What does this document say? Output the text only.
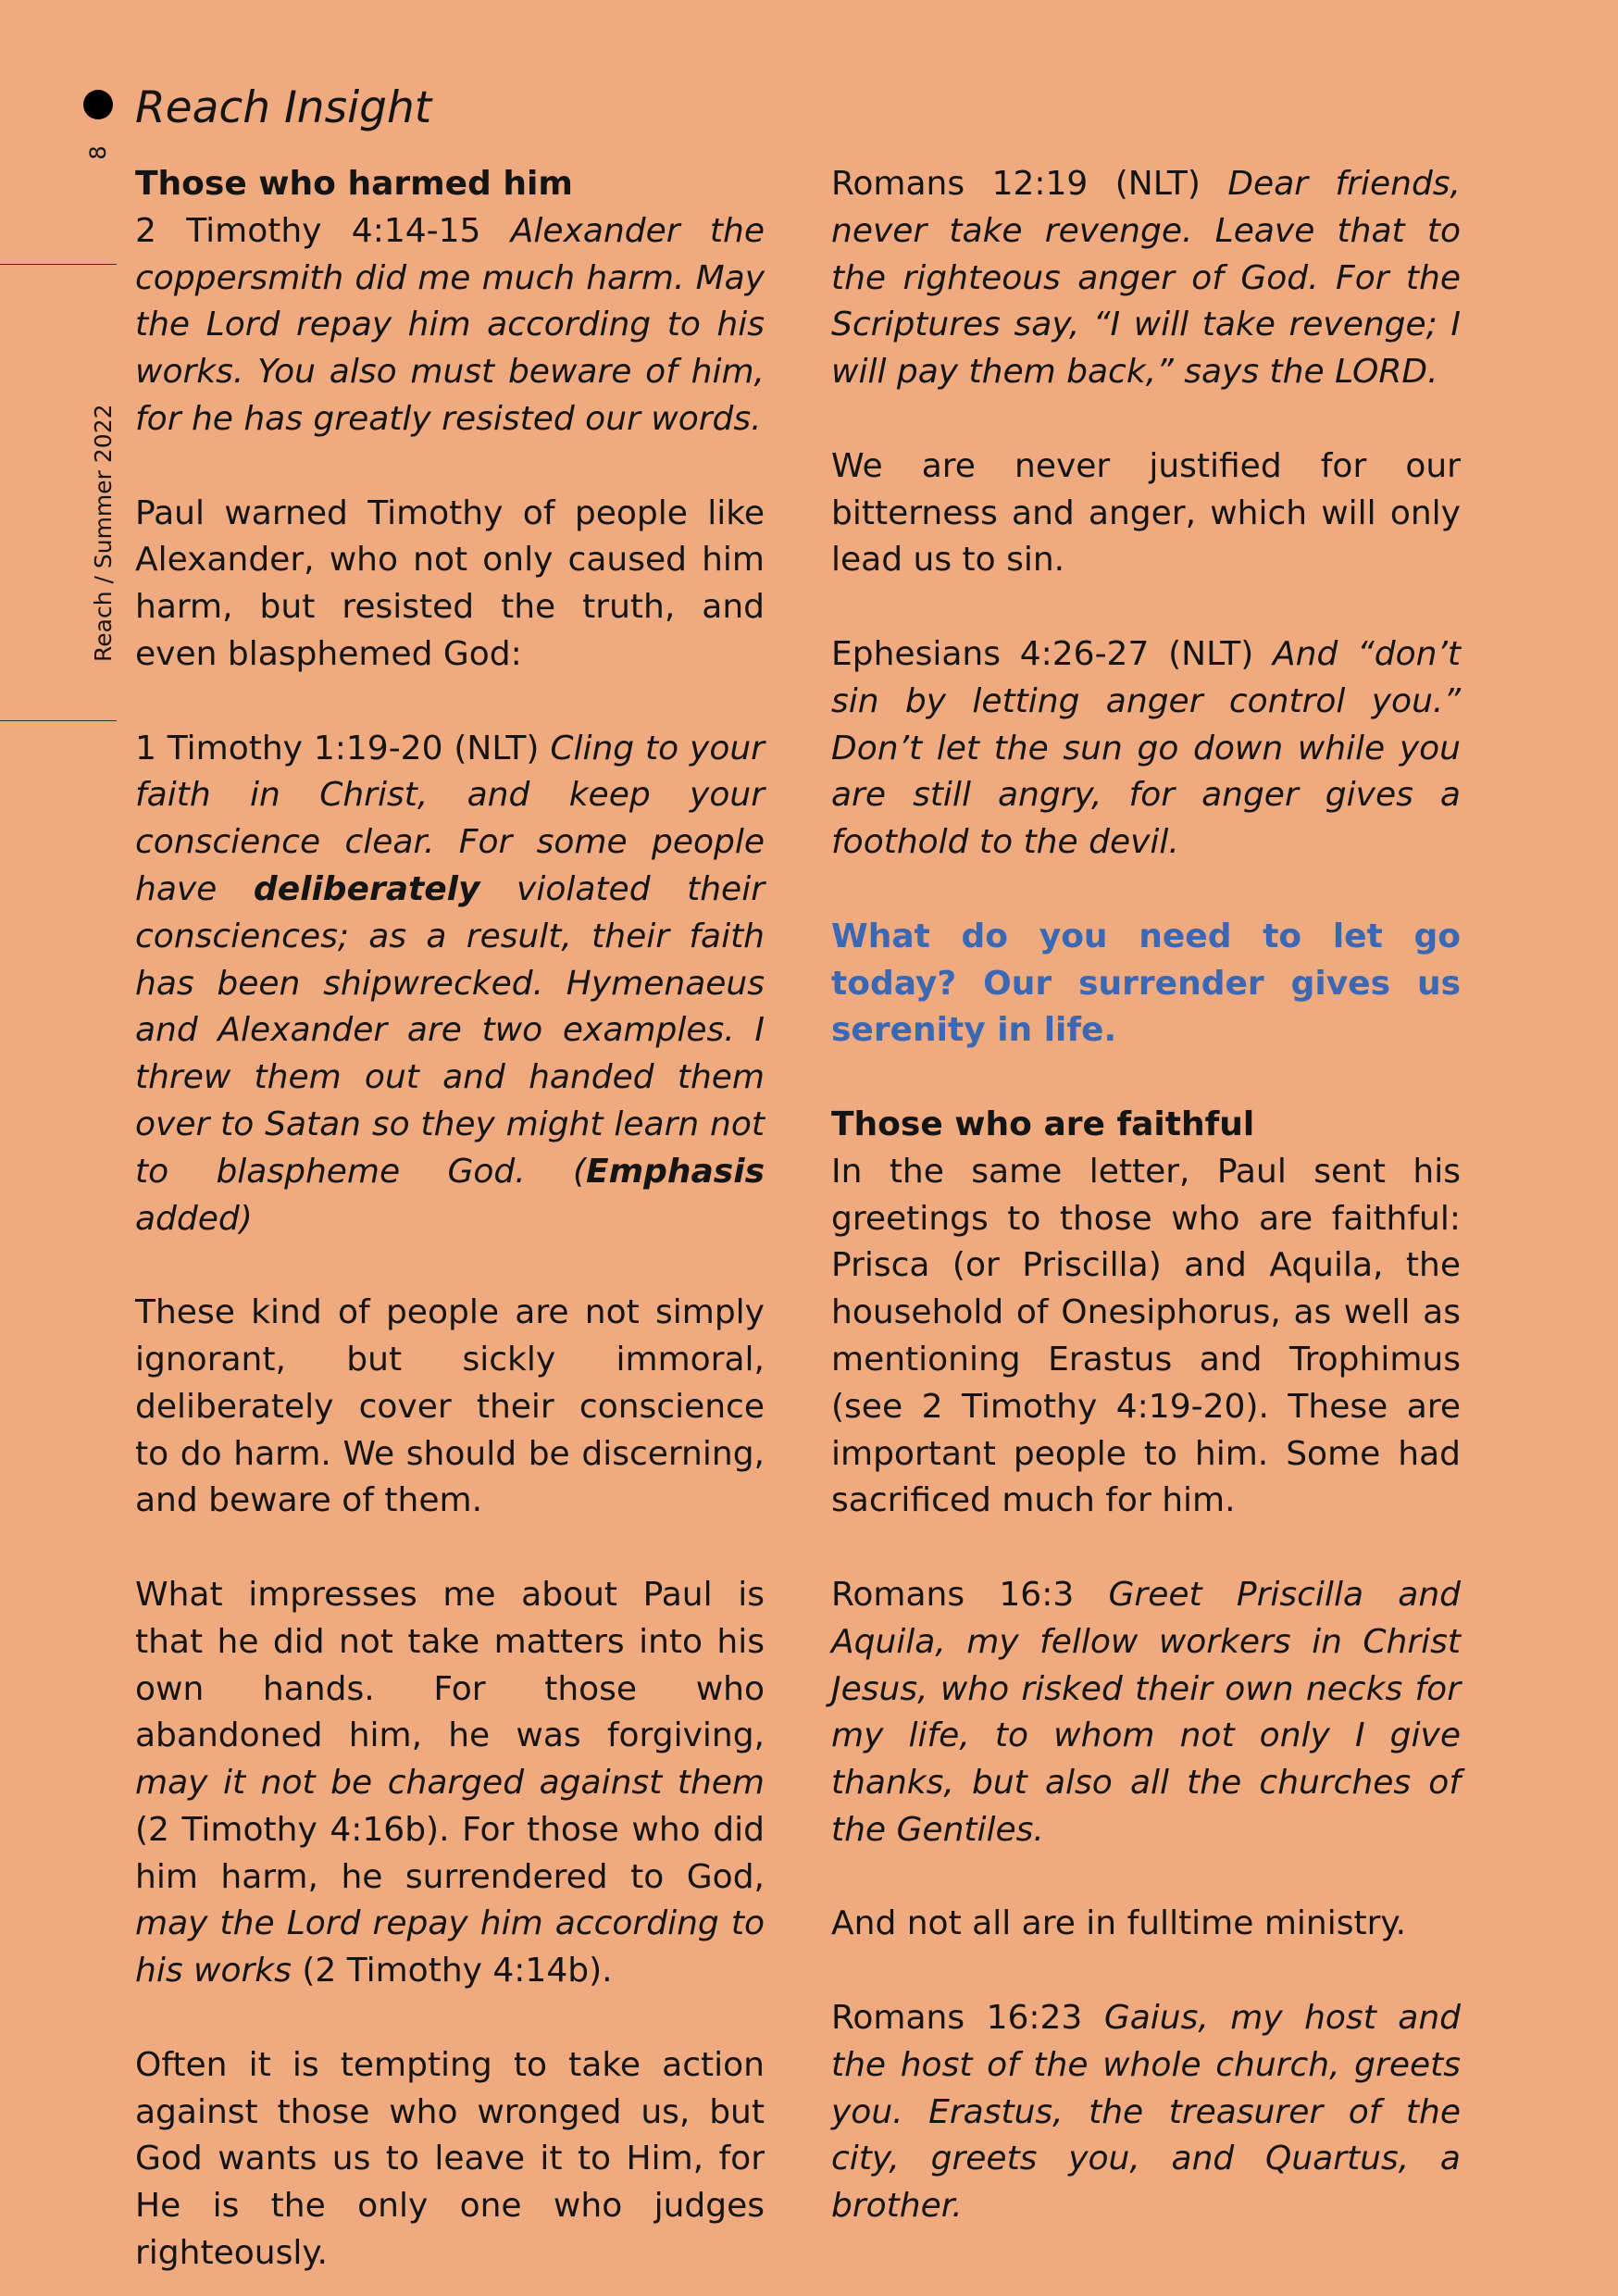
8
Reach Insight
Reach / Summer 2022
Those who harmed him

2 Timothy 4:14-15 Alexander the coppersmith did me much harm. May the Lord repay him according to his works. You also must beware of him, for he has greatly resisted our words.

Paul warned Timothy of people like Alexander, who not only caused him harm, but resisted the truth, and even blasphemed God:

1 Timothy 1:19-20 (NLT) Cling to your faith in Christ, and keep your conscience clear. For some people have deliberately violated their consciences; as a result, their faith has been shipwrecked. Hymenaeus and Alexander are two examples. I threw them out and handed them over to Satan so they might learn not to blaspheme God. (Emphasis added)

These kind of people are not simply ignorant, but sickly immoral, deliberately cover their conscience to do harm. We should be discerning, and beware of them.

What impresses me about Paul is that he did not take matters into his own hands. For those who abandoned him, he was forgiving, may it not be charged against them (2 Timothy 4:16b). For those who did him harm, he surrendered to God, may the Lord repay him according to his works (2 Timothy 4:14b).

Often it is tempting to take action against those who wronged us, but God wants us to leave it to Him, for He is the only one who judges righteously.

Romans 12:19 (NLT) Dear friends, never take revenge. Leave that to the righteous anger of God. For the Scriptures say, “I will take revenge; I will pay them back,” says the LORD.

We are never justified for our bitterness and anger, which will only lead us to sin.

Ephesians 4:26-27 (NLT) And “don’t sin by letting anger control you.” Don’t let the sun go down while you are still angry, for anger gives a foothold to the devil.

What do you need to let go today? Our surrender gives us serenity in life.

Those who are faithful

In the same letter, Paul sent his greetings to those who are faithful: Prisca (or Priscilla) and Aquila, the household of Onesiphorus, as well as mentioning Erastus and Trophimus (see 2 Timothy 4:19-20). These are important people to him. Some had sacrificed much for him.

Romans 16:3 Greet Priscilla and Aquila, my fellow workers in Christ Jesus, who risked their own necks for my life, to whom not only I give thanks, but also all the churches of the Gentiles.

And not all are in fulltime ministry.

Romans 16:23 Gaius, my host and the host of the whole church, greets you. Erastus, the treasurer of the city, greets you, and Quartus, a brother.
